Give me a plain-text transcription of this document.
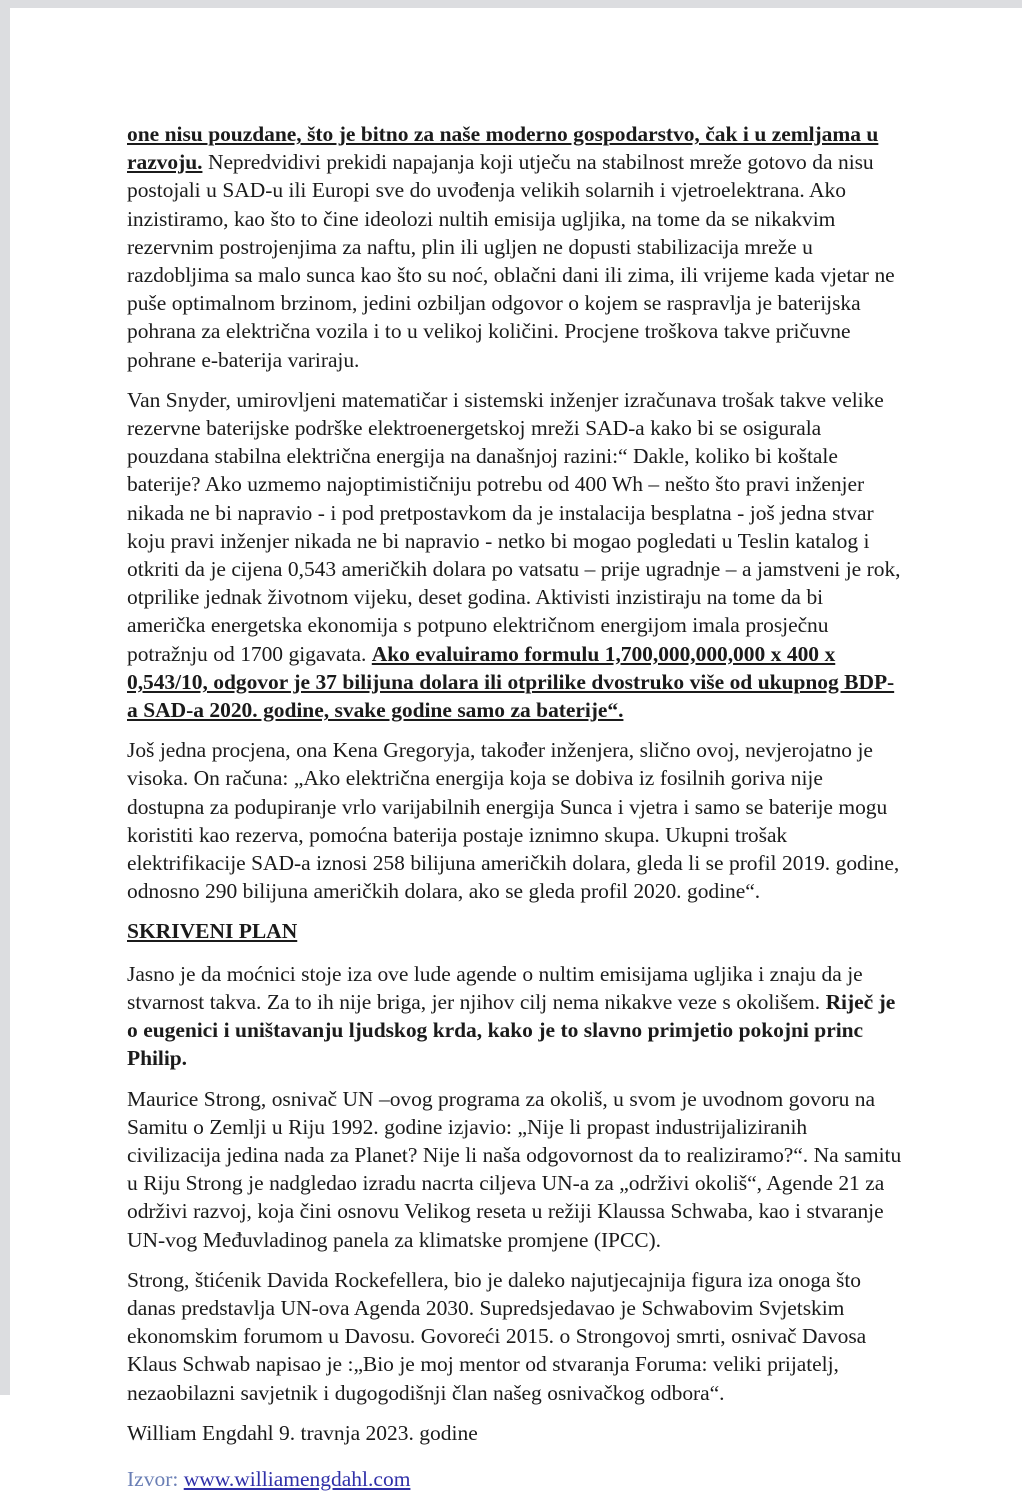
one nisu pouzdane, što je bitno za naše moderno gospodarstvo, čak i u zemljama u razvoju. Nepredvidivi prekidi napajanja koji utječu na stabilnost mreže gotovo da nisu postojali u SAD-u ili Europi sve do uvođenja velikih solarnih i vjetroelektrana. Ako inzistiramo, kao što to čine ideolozi nultih emisija ugljika, na tome da se nikakvim rezervnim postrojenjima za naftu, plin ili ugljen ne dopusti stabilizacija mreže u razdobljima sa malo sunca kao što su noć, oblačni dani ili zima, ili vrijeme kada vjetar ne puše optimalnom brzinom, jedini ozbiljan odgovor o kojem se raspravlja je baterijska pohrana za električna vozila i to u velikoj količini. Procjene troškova takve pričuvne pohrane e-baterija variraju.

Van Snyder, umirovljeni matematičar i sistemski inženjer izračunava trošak takve velike rezervne baterijske podrške elektroenergetskoj mreži SAD-a kako bi se osigurala pouzdana stabilna električna energija na današnjoj razini:“ Dakle, koliko bi koštale baterije? Ako uzmemo najoptimističniju potrebu od 400 Wh – nešto što pravi inženjer nikada ne bi napravio - i pod pretpostavkom da je instalacija besplatna - još jedna stvar koju pravi inženjer nikada ne bi napravio - netko bi mogao pogledati u Teslin katalog i otkriti da je cijena 0,543 američkih dolara po vatsatu – prije ugradnje – a jamstveni je rok, otprilike jednak životnom vijeku, deset godina. Aktivisti inzistiraju na tome da bi američka energetska ekonomija s potpuno električnom energijom imala prosječnu potražnju od 1700 gigavata. Ako evaluiramo formulu 1,700,000,000,000 x 400 x 0,543/10, odgovor je 37 bilijuna dolara ili otprilike dvostruko više od ukupnog BDP-a SAD-a 2020. godine, svake godine samo za baterije“.

Još jedna procjena, ona Kena Gregoryja, također inženjera, slično ovoj, nevjerojatno je visoka. On računa: „Ako električna energija koja se dobiva iz fosilnih goriva nije dostupna za podupiranje vrlo varijabilnih energija Sunca i vjetra i samo se baterije mogu koristiti kao rezerva, pomoćna baterija postaje iznimno skupa. Ukupni trošak elektrifikacije SAD-a iznosi 258 bilijuna američkih dolara, gleda li se profil 2019. godine, odnosno 290 bilijuna američkih dolara, ako se gleda profil 2020. godine“.

SKRIVENI PLAN

Jasno je da moćnici stoje iza ove lude agende o nultim emisijama ugljika i znaju da je stvarnost takva. Za to ih nije briga, jer njihov cilj nema nikakve veze s okolišem. Riječ je o eugenici i uništavanju ljudskog krda, kako je to slavno primjetio pokojni princ Philip.

Maurice Strong, osnivač UN –ovog programa za okoliš, u svom je uvodnom govoru na Samitu o Zemlji u Riju 1992. godine izjavio: „Nije li propast industrijaliziranih civilizacija jedina nada za Planet? Nije li naša odgovornost da to realiziramo?“. Na samitu u Riju Strong je nadgledao izradu nacrta ciljeva UN-a za „održivi okoliš“, Agende 21 za održivi razvoj, koja čini osnovu Velikog reseta u režiji Klaussa Schwaba, kao i stvaranje UN-vog Međuvladinog panela za klimatske promjene (IPCC).

Strong, štićenik Davida Rockefellera, bio je daleko najutjecajnija figura iza onoga što danas predstavlja UN-ova Agenda 2030. Supredsjedavao je Schwabovim Svjetskim ekonomskim forumom u Davosu. Govoreći 2015. o Strongovoj smrti, osnivač Davosa Klaus Schwab napisao je :„Bio je moj mentor od stvaranja Foruma: veliki prijatelj, nezaobilazni savjetnik i dugogodišnji član našeg osnivačkog odbora“.

William Engdahl 9. travnja 2023. godine

Izvor: www.williamengdahl.com
